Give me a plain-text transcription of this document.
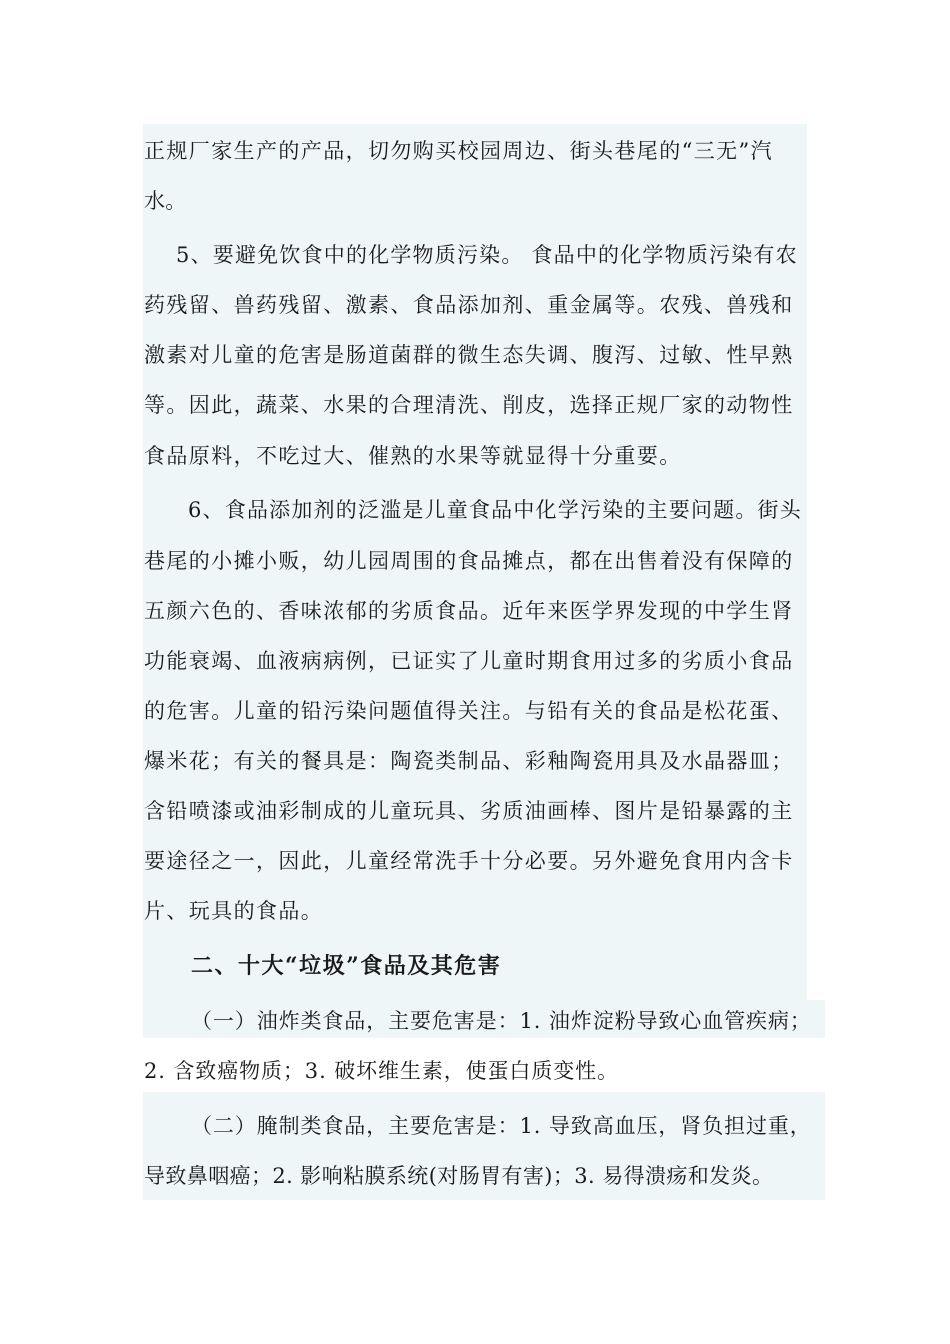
正规厂家生产的产品，切勿购买校园周边、街头巷尾的“三无”汽
水。
5、要避免饮食中的化学物质污染。 食品中的化学物质污染有农
药残留、兽药残留、激素、食品添加剂、重金属等。农残、兽残和
激素对儿童的危害是肠道菌群的微生态失调、腹泻、过敏、性早熟
等。因此，蔬菜、水果的合理清洗、削皮，选择正规厂家的动物性
食品原料，不吃过大、催熟的水果等就显得十分重要。
6、食品添加剂的泛滥是儿童食品中化学污染的主要问题。街头
巷尾的小摊小贩，幼儿园周围的食品摊点，都在出售着没有保障的
五颜六色的、香味浓郁的劣质食品。近年来医学界发现的中学生肾
功能衰竭、血液病病例，已证实了儿童时期食用过多的劣质小食品
的危害。儿童的铅污染问题值得关注。与铅有关的食品是松花蛋、
爆米花；有关的餐具是：陶瓷类制品、彩釉陶瓷用具及水晶器皿；
含铅喷漆或油彩制成的儿童玩具、劣质油画棒、图片是铅暴露的主
要途径之一，因此，儿童经常洗手十分必要。另外避免食用内含卡
片、玩具的食品。
二、十大“垃圾”食品及其危害
（一）油炸类食品，主要危害是：1. 油炸淀粉导致心血管疾病；
2. 含致癌物质；3. 破坏维生素，使蛋白质变性。
（二）腌制类食品，主要危害是：1. 导致高血压，肾负担过重，
导致鼻咽癌；2. 影响粘膜系统(对肠胃有害)；3. 易得溃疡和发炎。
